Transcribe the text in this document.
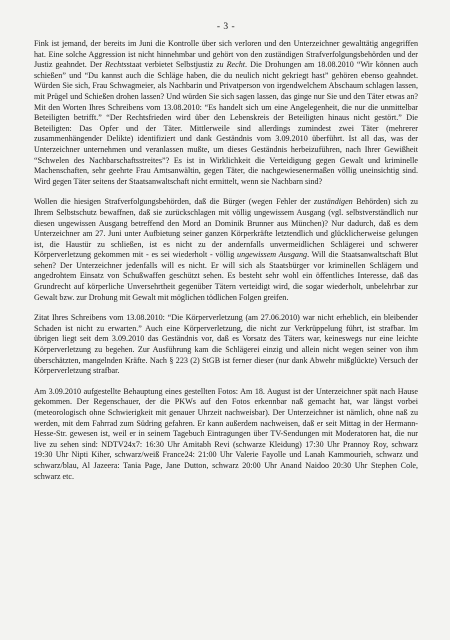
- 3 -

Fink ist jemand, der bereits im Juni die Kontrolle über sich verloren und den Unterzeichner gewalttätig angegriffen hat. Eine solche Aggression ist nicht hinnehmbar und gehört von den zuständigen Strafverfolgungsbehörden und der Justiz geahndet. Der Rechtsstaat verbietet Selbstjustiz zu Recht. Die Drohungen am 18.08.2010 “Wir können auch schießen” und “Du kannst auch die Schläge haben, die du neulich nicht gekriegt hast” gehören ebenso geahndet. Würden Sie sich, Frau Schwagmeier, als Nachbarin und Privatperson von irgendwelchem Abschaum schlagen lassen, mit Prügel und Schießen drohen lassen? Und würden Sie sich sagen lassen, das ginge nur Sie und den Täter etwas an? Mit den Worten Ihres Schreibens vom 13.08.2010: “Es handelt sich um eine Angelegenheit, die nur die unmittelbar Beteiligten betrifft.” “Der Rechtsfrieden wird über den Lebenskreis der Beteiligten hinaus nicht gestört.” Die Beteiligten: Das Opfer und der Täter. Mittlerweile sind allerdings zumindest zwei Täter (mehrerer zusammenhängender Delikte) identifiziert und dank Geständnis vom 3.09.2010 überführt. Ist all das, was der Unterzeichner unternehmen und veranlassen mußte, um dieses Geständnis herbeizuführen, nach Ihrer Gewißheit “Schwelen des Nachbarschaftsstreites”? Es ist in Wirklichkeit die Verteidigung gegen Gewalt und kriminelle Machenschaften, sehr geehrte Frau Amtsanwältin, gegen Täter, die nachgewiesenermaßen völlig uneinsichtig sind. Wird gegen Täter seitens der Staatsanwaltschaft nicht ermittelt, wenn sie Nachbarn sind?

Wollen die hiesigen Strafverfolgungsbehörden, daß die Bürger (wegen Fehler der zuständigen Behörden) sich zu Ihrem Selbstschutz bewaffnen, daß sie zurückschlagen mit völlig ungewissem Ausgang (vgl. selbstverständlich nur diesen ungewissen Ausgang betreffend den Mord an Dominik Brunner aus München)? Nur dadurch, daß es dem Unterzeichner am 27. Juni unter Aufbietung seiner ganzen Körperkräfte letztendlich und glücklicherweise gelungen ist, die Haustür zu schließen, ist es nicht zu der andernfalls unvermeidlichen Schlägerei und schwerer Körperverletzung gekommen mit - es sei wiederholt - völlig ungewissem Ausgang. Will die Staatsanwaltschaft Blut sehen? Der Unterzeichner jedenfalls will es nicht. Er will sich als Staatsbürger vor kriminellen Schlägern und angedrohtem Einsatz von Schußwaffen geschützt sehen. Es besteht sehr wohl ein öffentliches Interesse, daß das Grundrecht auf körperliche Unversehrtheit gegenüber Tätern verteidigt wird, die sogar wiederholt, unbelehrbar zur Gewalt bzw. zur Drohung mit Gewalt mit möglichen tödlichen Folgen greifen.

Zitat Ihres Schreibens vom 13.08.2010: “Die Körperverletzung (am 27.06.2010) war nicht erheblich, ein bleibender Schaden ist nicht zu erwarten.” Auch eine Körperverletzung, die nicht zur Verkrüppelung führt, ist strafbar. Im übrigen liegt seit dem 3.09.2010 das Geständnis vor, daß es Vorsatz des Täters war, keineswegs nur eine leichte Körperverletzung zu begehen. Zur Ausführung kam die Schlägerei einzig und allein nicht wegen seiner von ihm überschätzten, mangelnden Kräfte. Nach § 223 (2) StGB ist ferner dieser (nur dank Abwehr mißglückte) Versuch der Körperverletzung strafbar.

Am 3.09.2010 aufgestellte Behauptung eines gestellten Fotos: Am 18. August ist der Unterzeichner spät nach Hause gekommen. Der Regenschauer, der die PKWs auf den Fotos erkennbar naß gemacht hat, war längst vorbei (meteorologisch ohne Schwierigkeit mit genauer Uhrzeit nachweisbar). Der Unterzeichner ist nämlich, ohne naß zu werden, mit dem Fahrrad zum Südring gefahren. Er kann außerdem nachweisen, daß er seit Mittag in der Hermann-Hesse-Str. gewesen ist, weil er in seinem Tagebuch Eintragungen über TV-Sendungen mit Moderatoren hat, die nur live zu sehen sind: NDTV24x7: 16:30 Uhr Amitabh Revi (schwarze Kleidung) 17:30 Uhr Prannoy Roy, schwarz 19:30 Uhr Nipti Kiher, schwarz/weiß France24: 21:00 Uhr Valerie Fayolle und Lanah Kammourieh, schwarz und schwarz/blau, Al Jazeera: Tania Page, Jane Dutton, schwarz 20:00 Uhr Anand Naidoo 20:30 Uhr Stephen Cole, schwarz etc.
